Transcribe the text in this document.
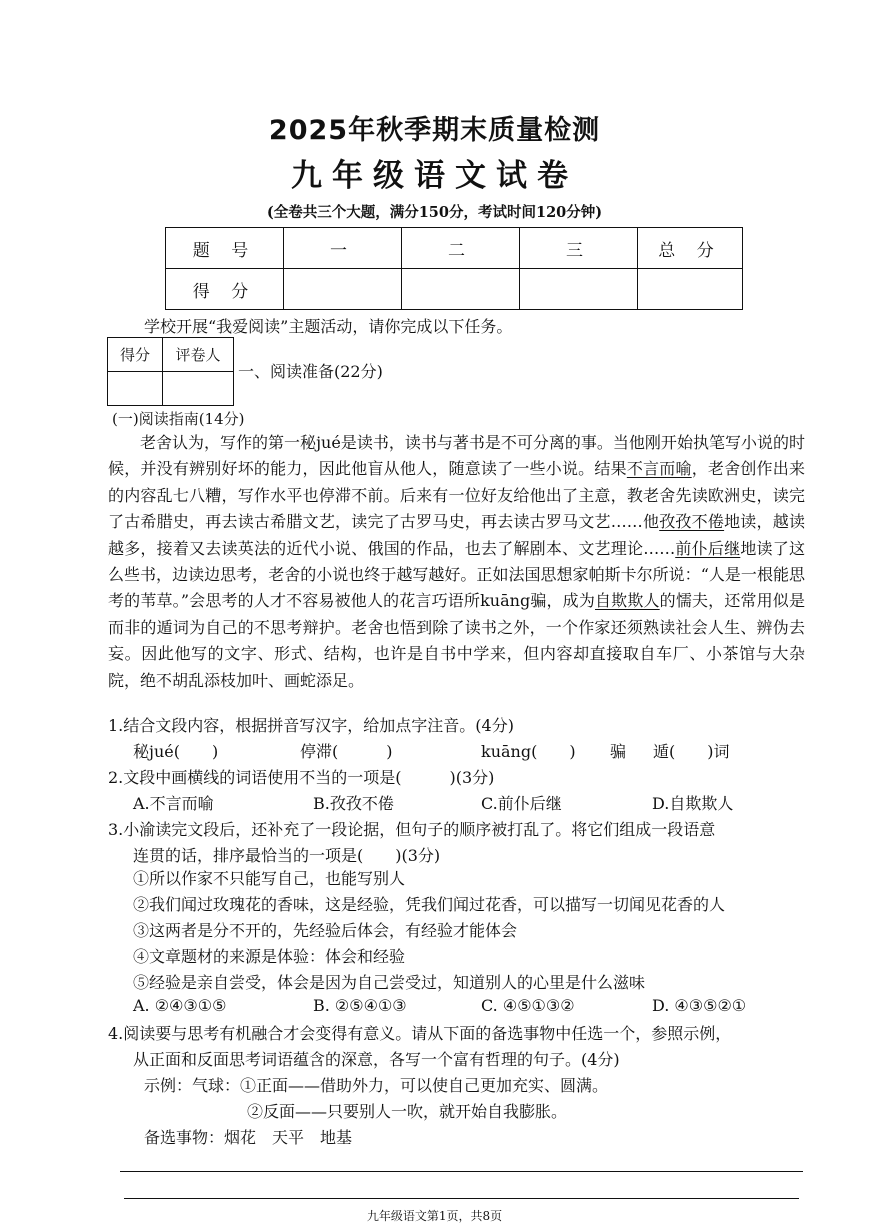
2025年秋季期末质量检测
九年级语文试卷
(全卷共三个大题，满分150分，考试时间120分钟)
题 号	一	二	三	总 分
得 分				
学校开展“我爱阅读”主题活动，请你完成以下任务。
得分	评卷人

一、阅读准备(22分)
(一)阅读指南(14分)
老舍认为，写作的第一秘jué是读书，读书与著书是不可分离的事。当他刚开始执笔写小说的时候，并没有辨别好坏的能力，因此他盲从他人，随意读了一些小说。结果不言而喻，老舍创作出来的内容乱七八糟，写作水平也停滞不前。后来有一位好友给他出了主意，教老舍先读欧洲史，读完了古希腊史，再去读古希腊文艺，读完了古罗马史，再去读古罗马文艺……他孜孜不倦地读，越读越多，接着又去读英法的近代小说、俄国的作品，也去了解剧本、文艺理论……前仆后继地读了这么些书，边读边思考，老舍的小说也终于越写越好。正如法国思想家帕斯卡尔所说：“人是一根能思考的苇草。”会思考的人才不容易被他人的花言巧语所kuāng骗，成为自欺欺人的懦夫，还常用似是而非的遁词为自己的不思考辩护。老舍也悟到除了读书之外，一个作家还须熟读社会人生、辨伪去妄。因此他写的文字、形式、结构，也许是自书中学来，但内容却直接取自车厂、小茶馆与大杂院，绝不胡乱添枝加叶、画蛇添足。
1.结合文段内容，根据拼音写汉字，给加点字注音。(4分)
秘jué(　　)	停滞(　　　)	kuāng(　　) 骗 遁(　　)词
2.文段中画横线的词语使用不当的一项是(　　　)(3分)
A.不言而喻	B.孜孜不倦	C.前仆后继	D.自欺欺人
3.小渝读完文段后，还补充了一段论据，但句子的顺序被打乱了。将它们组成一段语意
连贯的话，排序最恰当的一项是(　　)(3分)
①所以作家不只能写自己，也能写别人
②我们闻过玫瑰花的香味，这是经验，凭我们闻过花香，可以描写一切闻见花香的人
③这两者是分不开的，先经验后体会，有经验才能体会
④文章题材的来源是体验：体会和经验
⑤经验是亲自尝受，体会是因为自己尝受过，知道别人的心里是什么滋味
A. ②④③①⑤	B. ②⑤④①③	C. ④⑤①③②	D. ④③⑤②①
4.阅读要与思考有机融合才会变得有意义。请从下面的备选事物中任选一个，参照示例，
从正面和反面思考词语蕴含的深意，各写一个富有哲理的句子。(4分)
示例：气球：①正面——借助外力，可以使自己更加充实、圆满。
②反面——只要别人一吹，就开始自我膨胀。
备选事物：烟花　天平　地基
九年级语文第1页，共8页
